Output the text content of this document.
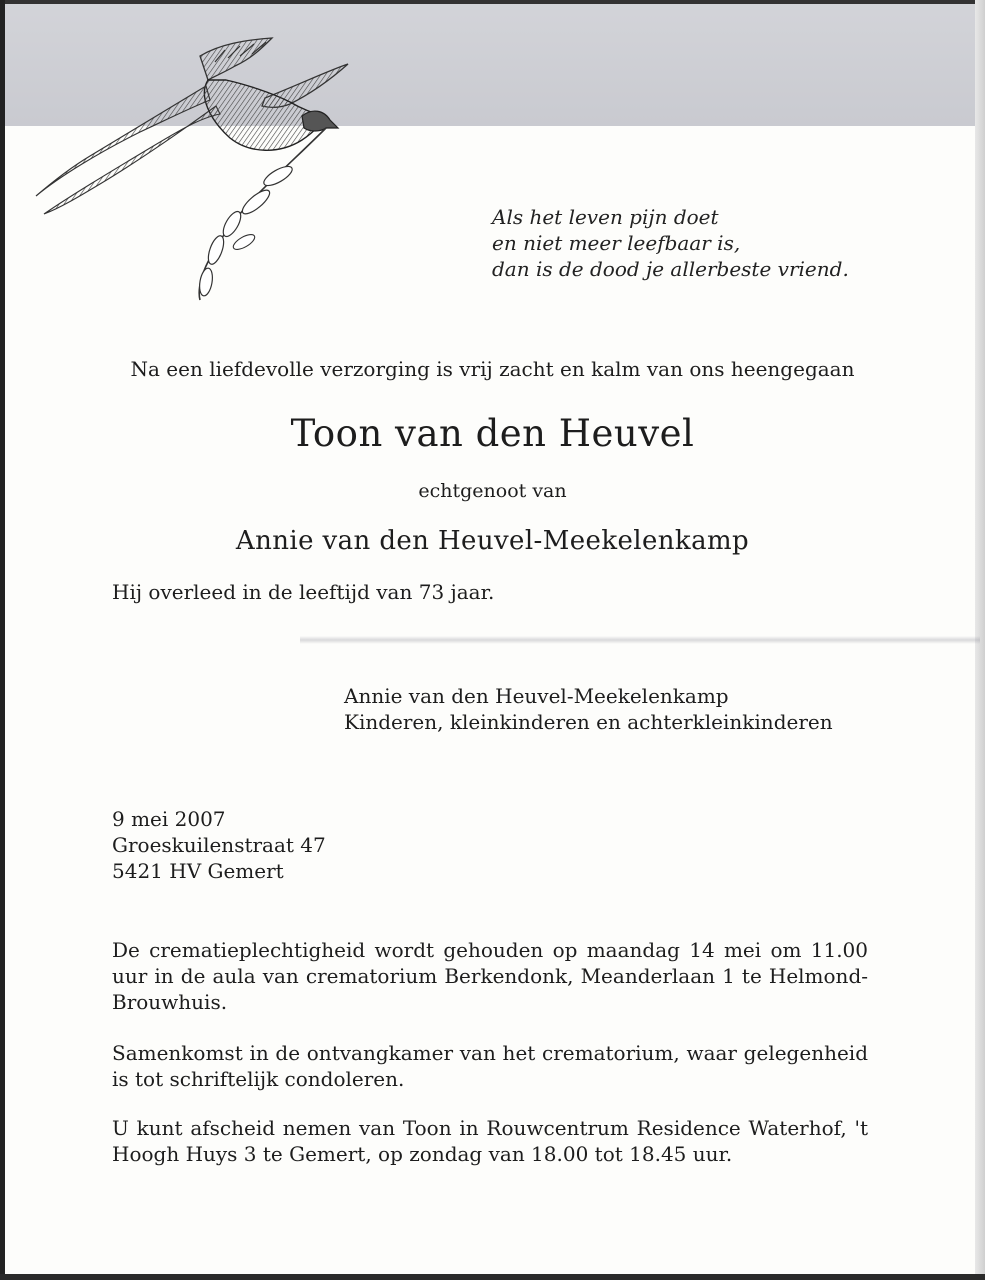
Als het leven pijn doet
en niet meer leefbaar is,
dan is de dood je allerbeste vriend.
Na een liefdevolle verzorging is vrij zacht en kalm van ons heengegaan
Toon van den Heuvel
echtgenoot van
Annie van den Heuvel-Meekelenkamp
Hij overleed in de leeftijd van 73 jaar.
Annie van den Heuvel-Meekelenkamp
Kinderen, kleinkinderen en achterkleinkinderen
9 mei 2007
Groeskuilenstraat 47
5421 HV Gemert
De crematieplechtigheid wordt gehouden op maandag 14 mei om 11.00 uur in de aula van crematorium Berkendonk, Meanderlaan 1 te Helmond-Brouwhuis.
Samenkomst in de ontvangkamer van het crematorium, waar gelegenheid is tot schriftelijk condoleren.
U kunt afscheid nemen van Toon in Rouwcentrum Residence Waterhof, 't Hoogh Huys 3 te Gemert, op zondag van 18.00 tot 18.45 uur.
